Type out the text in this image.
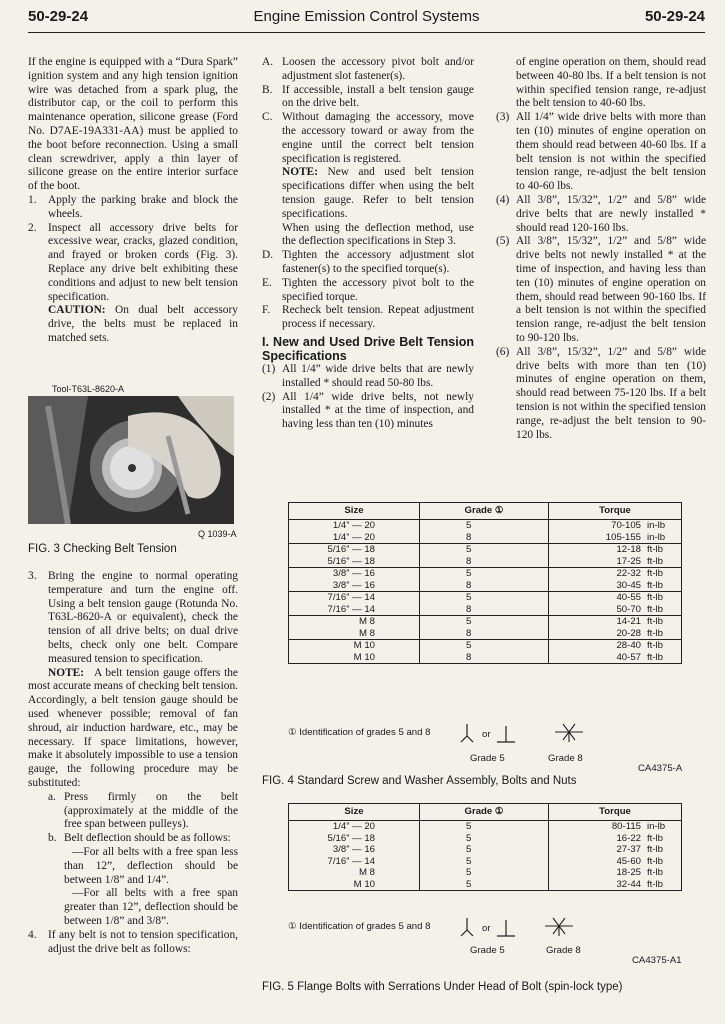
50-29-24	Engine Emission Control Systems	50-29-24

If the engine is equipped with a “Dura Spark” ignition system and any high tension ignition wire was detached from a spark plug, the distributor cap, or the coil to perform this maintenance operation, silicone grease (Ford No. D7AE-19A331-AA) must be applied to the boot before reconnection. Using a small clean screwdriver, apply a thin layer of silicone grease on the entire interior surface of the boot.

1. Apply the parking brake and block the wheels.
2. Inspect all accessory drive belts for excessive wear, cracks, glazed condition, and frayed or broken cords (Fig. 3). Replace any drive belt exhibiting these conditions and adjust to new belt tension specification.
CAUTION: On dual belt accessory drive, the belts must be replaced in matched sets.
Tool-T63L-8620-A
Q 1039-A
FIG. 3 Checking Belt Tension
3. Bring the engine to normal operating temperature and turn the engine off. Using a belt tension gauge (Rotunda No. T63L-8620-A or equivalent), check the tension of all drive belts; on dual drive belts, check only one belt. Compare measured tension to specification.
NOTE: A belt tension gauge offers the most accurate means of checking belt tension. Accordingly, a belt tension gauge should be used whenever possible; removal of fan shroud, air induction hardware, etc., may be necessary. If space limitations, however, make it absolutely impossible to use a tension gauge, the following procedure may be substituted:

a. Press firmly on the belt (approximately at the middle of the free span between pulleys).
b. Belt deflection should be as follows:

—For all belts with a free span less than 12”, deflection should be between 1/8” and 1/4”.

—For all belts with a free span greater than 12”, deflection should be between 1/8” and 3/8”.

4. If any belt is not to tension specification, adjust the drive belt as follows:
A. Loosen the accessory pivot bolt and/or adjustment slot fastener(s).
B. If accessible, install a belt tension gauge on the drive belt.
C. Without damaging the accessory, move the accessory toward or away from the engine until the correct belt tension specification is registered.
NOTE: New and used belt tension specifications differ when using the belt tension gauge. Refer to belt tension specifications.
When using the deflection method, use the deflection specifications in Step 3.
D. Tighten the accessory adjustment slot fastener(s) to the specified torque(s).
E. Tighten the accessory pivot bolt to the specified torque.
F. Recheck belt tension. Repeat adjustment process if necessary.
I. New and Used Drive Belt Tension Specifications
(1) All 1/4” wide drive belts that are newly installed * should read 50-80 lbs.
(2) All 1/4” wide drive belts, not newly installed * at the time of inspection, and having less than ten (10) minutes

of engine operation on them, should read between 40-80 lbs. If a belt tension is not within specified tension range, re-adjust the belt tension to 40-60 lbs.

(3) All 1/4” wide drive belts with more than ten (10) minutes of engine operation on them should read between 40-60 lbs. If a belt tension is not within the specified tension range, re-adjust the belt tension to 40-60 lbs.
(4) All 3/8”, 15/32”, 1/2” and 5/8” wide drive belts that are newly installed * should read 120-160 lbs.
(5) All 3/8”, 15/32”, 1/2” and 5/8” wide drive belts not newly installed * at the time of inspection, and having less than ten (10) minutes of engine operation on them, should read between 90-160 lbs. If a belt tension is not within the specified tension range, re-adjust the belt tension to 90-120 lbs.
(6) All 3/8”, 15/32”, 1/2” and 5/8” wide drive belts with more than ten (10) minutes of engine operation on them, should read between 75-120 lbs. If a belt tension is not within the specified tension range, re-adjust the belt tension to 90-120 lbs.
Size	Grade ①	Torque
1/4” — 20	5	70-105 in-lb
1/4” — 20	8	105-155 in-lb
5/16” — 18	5	12-18 ft-lb
5/16” — 18	8	17-25 ft-lb
3/8” — 16	5	22-32 ft-lb
3/8” — 16	8	30-45 ft-lb
7/16” — 14	5	40-55 ft-lb
7/16” — 14	8	50-70 ft-lb
M 8	5	14-21 ft-lb
M 8	8	20-28 ft-lb
M 10	5	28-40 ft-lb
M 10	8	40-57 ft-lb
① Identification of grades 5 and 8	or
Grade 5	Grade 8
CA4375-A
FIG. 4 Standard Screw and Washer Assembly, Bolts and Nuts
Size	Grade ①	Torque
1/4” — 20	5	80-115 in-lb
5/16” — 18	5	16-22 ft-lb
3/8” — 16	5	27-37 ft-lb
7/16” — 14	5	45-60 ft-lb
M 8	5	18-25 ft-lb
M 10	5	32-44 ft-lb
① Identification of grades 5 and 8	or
Grade 5	Grade 8
CA4375-A1
FIG. 5 Flange Bolts with Serrations Under Head of Bolt (spin-lock type)
